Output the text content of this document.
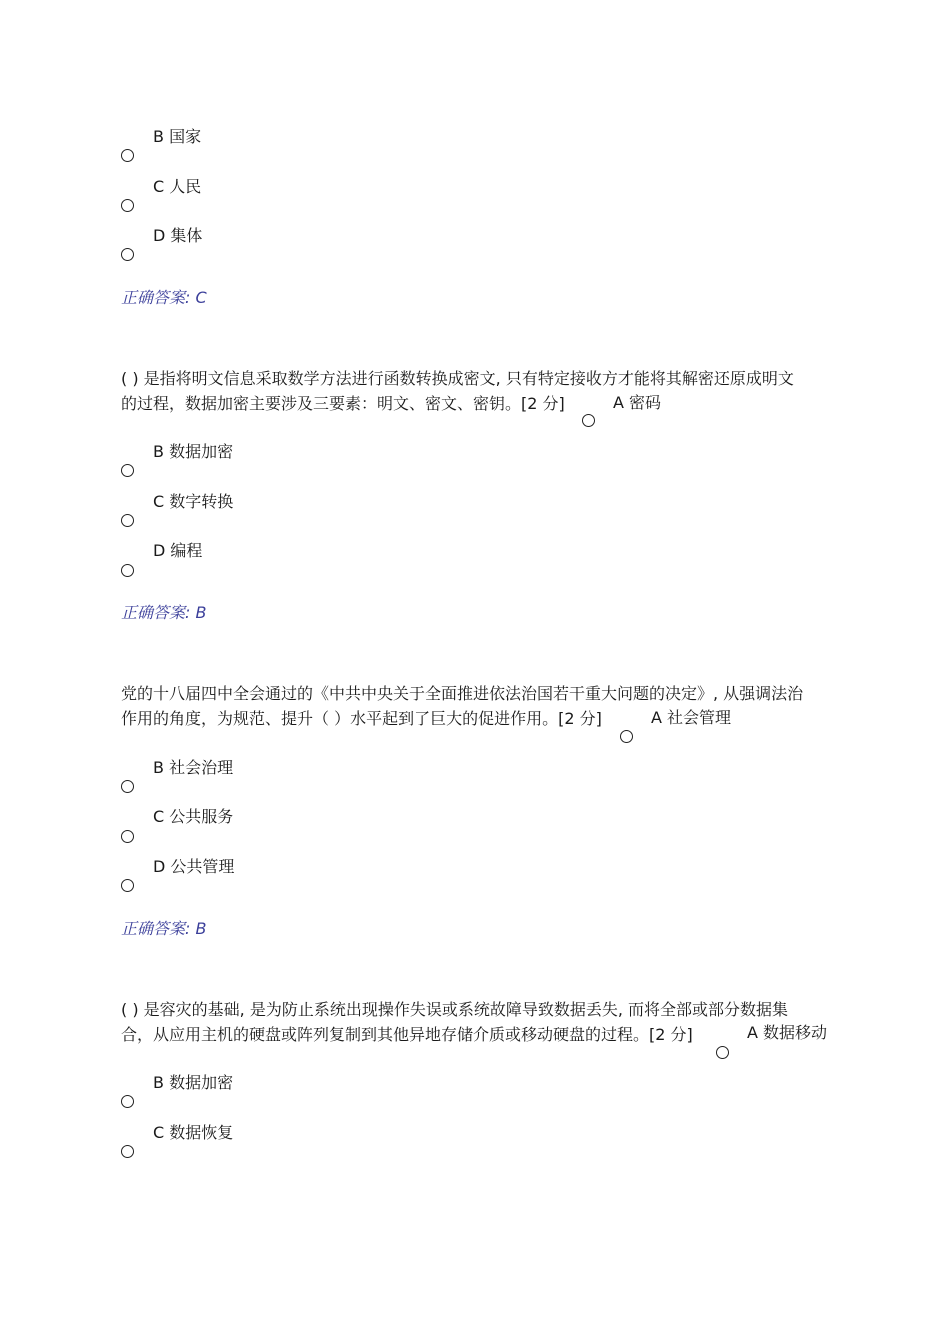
B 国家
C 人民
D 集体
正确答案: C
( ) 是指将明文信息采取数学方法进行函数转换成密文, 只有特定接收方才能将其解密还原成明文
的过程，数据加密主要涉及三要素：明文、密文、密钥。[2 分]	A 密码
B 数据加密
C 数字转换
D 编程
正确答案: B
党的十八届四中全会通过的《中共中央关于全面推进依法治国若干重大问题的决定》, 从强调法治
作用的角度，为规范、提升（ ）水平起到了巨大的促进作用。[2 分]	A 社会管理
B 社会治理
C 公共服务
D 公共管理
正确答案: B
( ) 是容灾的基础, 是为防止系统出现操作失误或系统故障导致数据丢失, 而将全部或部分数据集
合，从应用主机的硬盘或阵列复制到其他异地存储介质或移动硬盘的过程。[2 分]	A 数据移动
B 数据加密
C 数据恢复
